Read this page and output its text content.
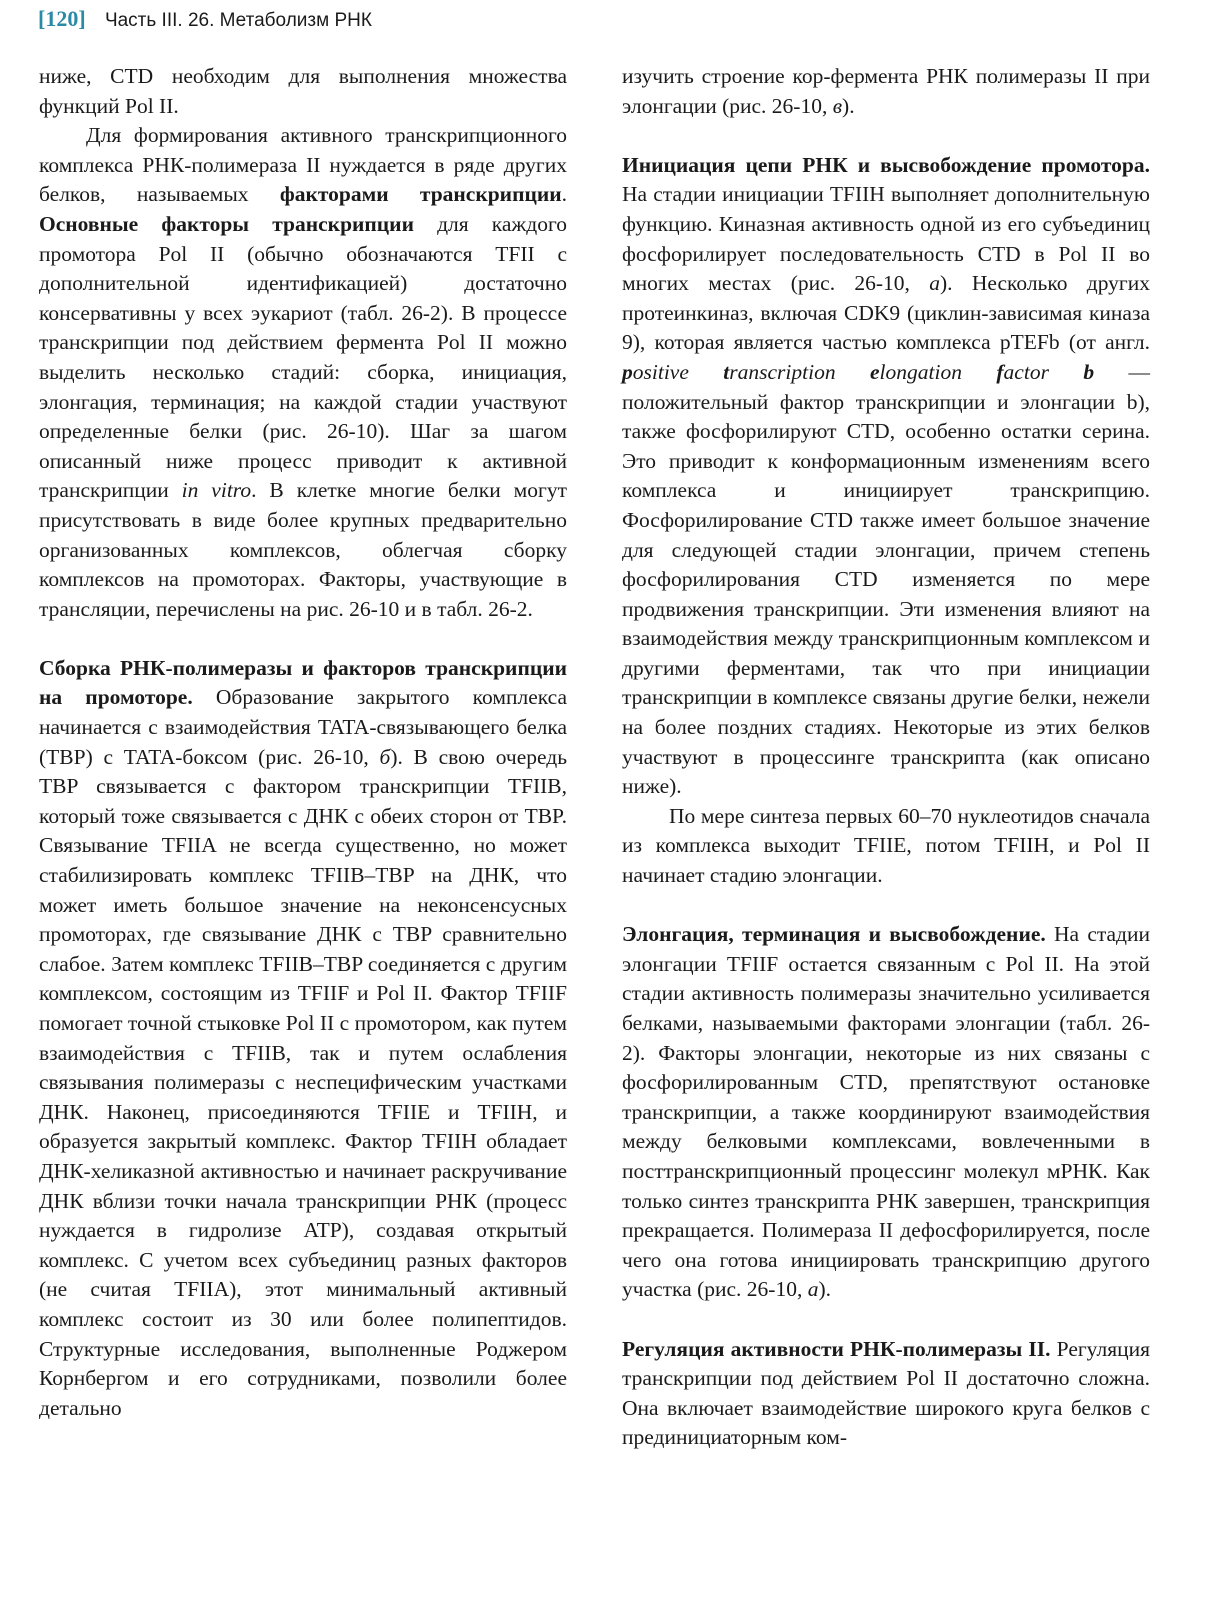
[120] Часть III. 26. Метаболизм РНК

ниже, CTD необходим для выполнения множества функций Pol II.

Для формирования активного транскрипционного комплекса РНК-полимераза II нуждается в ряде других белков, называемых факторами транскрипции. Основные факторы транскрипции для каждого промотора Pol II (обычно обозначаются TFII с дополнительной идентификацией) достаточно консервативны у всех эукариот (табл. 26-2). В процессе транскрипции под действием фермента Pol II можно выделить несколько стадий: сборка, инициация, элонгация, терминация; на каждой стадии участвуют определенные белки (рис. 26-10). Шаг за шагом описанный ниже процесс приводит к активной транскрипции in vitro. В клетке многие белки могут присутствовать в виде более крупных предварительно организованных комплексов, облегчая сборку комплексов на промоторах. Факторы, участвующие в трансляции, перечислены на рис. 26-10 и в табл. 26-2.

Сборка РНК-полимеразы и факторов транскрипции на промоторе. Образование закрытого комплекса начинается с взаимодействия TATA-связывающего белка (TBP) с TATA-боксом (рис. 26-10, б). В свою очередь TBP связывается с фактором транскрипции TFIIB, который тоже связывается с ДНК с обеих сторон от TBP. Связывание TFIIA не всегда существенно, но может стабилизировать комплекс TFIIB–TBP на ДНК, что может иметь большое значение на неконсенсусных промоторах, где связывание ДНК с TBP сравнительно слабое. Затем комплекс TFIIB–TBP соединяется с другим комплексом, состоящим из TFIIF и Pol II. Фактор TFIIF помогает точной стыковке Pol II с промотором, как путем взаимодействия с TFIIB, так и путем ослабления связывания полимеразы с неспецифическим участками ДНК. Наконец, присоединяются TFIIE и TFIIH, и образуется закрытый комплекс. Фактор TFIIH обладает ДНК-хеликазной активностью и начинает раскручивание ДНК вблизи точки начала транскрипции РНК (процесс нуждается в гидролизе ATP), создавая открытый комплекс. С учетом всех субъединиц разных факторов (не считая TFIIA), этот минимальный активный комплекс состоит из 30 или более полипептидов. Структурные исследования, выполненные Роджером Корнбергом и его сотрудниками, позволили более детально

изучить строение кор-фермента РНК полимеразы II при элонгации (рис. 26-10, в).

Инициация цепи РНК и высвобождение промотора. На стадии инициации TFIIH выполняет дополнительную функцию. Киназная активность одной из его субъединиц фосфорилирует последовательность CTD в Pol II во многих местах (рис. 26-10, а). Несколько других протеинкиназ, включая CDK9 (циклин-зависимая киназа 9), которая является частью комплекса pTEFb (от англ. positive transcription elongation factor b — положительный фактор транскрипции и элонгации b), также фосфорилируют CTD, особенно остатки серина. Это приводит к конформационным изменениям всего комплекса и инициирует транскрипцию. Фосфорилирование CTD также имеет большое значение для следующей стадии элонгации, причем степень фосфорилирования CTD изменяется по мере продвижения транскрипции. Эти изменения влияют на взаимодействия между транскрипционным комплексом и другими ферментами, так что при инициации транскрипции в комплексе связаны другие белки, нежели на более поздних стадиях. Некоторые из этих белков участвуют в процессинге транскрипта (как описано ниже).

По мере синтеза первых 60–70 нуклеотидов сначала из комплекса выходит TFIIE, потом TFIIH, и Pol II начинает стадию элонгации.

Элонгация, терминация и высвобождение. На стадии элонгации TFIIF остается связанным с Pol II. На этой стадии активность полимеразы значительно усиливается белками, называемыми факторами элонгации (табл. 26-2). Факторы элонгации, некоторые из них связаны с фосфорилированным CTD, препятствуют остановке транскрипции, а также координируют взаимодействия между белковыми комплексами, вовлеченными в посттранскрипционный процессинг молекул мРНК. Как только синтез транскрипта РНК завершен, транскрипция прекращается. Полимераза II дефосфорилируется, после чего она готова инициировать транскрипцию другого участка (рис. 26-10, а).

Регуляция активности РНК-полимеразы II. Регуляция транскрипции под действием Pol II достаточно сложна. Она включает взаимодействие широкого круга белков с прединициаторным ком-
